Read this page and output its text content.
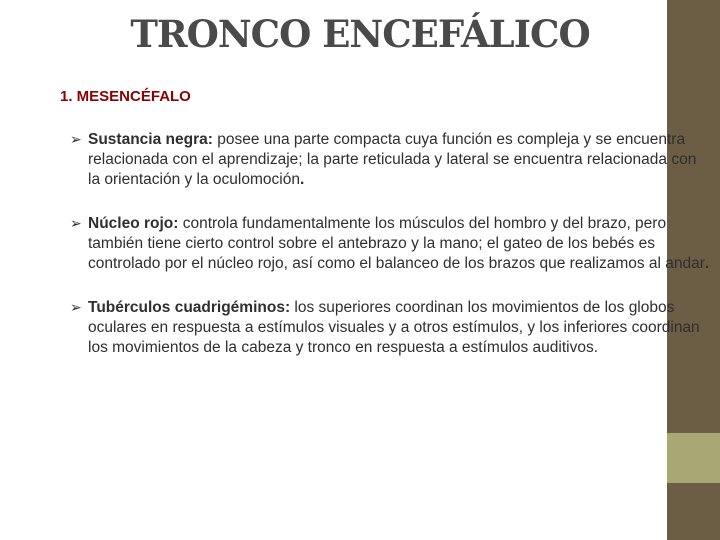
TRONCO ENCEFÁLICO
1. MESENCÉFALO
➢ Sustancia negra: posee una parte compacta cuya función es compleja y se encuentra relacionada con el aprendizaje; la parte reticulada y lateral se encuentra relacionada con la orientación y la oculomoción.
➢ Núcleo rojo: controla fundamentalmente los músculos del hombro y del brazo, pero también tiene cierto control sobre el antebrazo y la mano; el gateo de los bebés es controlado por el núcleo rojo, así como el balanceo de los brazos que realizamos al andar.
➢ Tubérculos cuadrigéminos: los superiores coordinan los movimientos de los globos oculares en respuesta a estímulos visuales y a otros estímulos, y los inferiores coordinan los movimientos de la cabeza y tronco en respuesta a estímulos auditivos.
